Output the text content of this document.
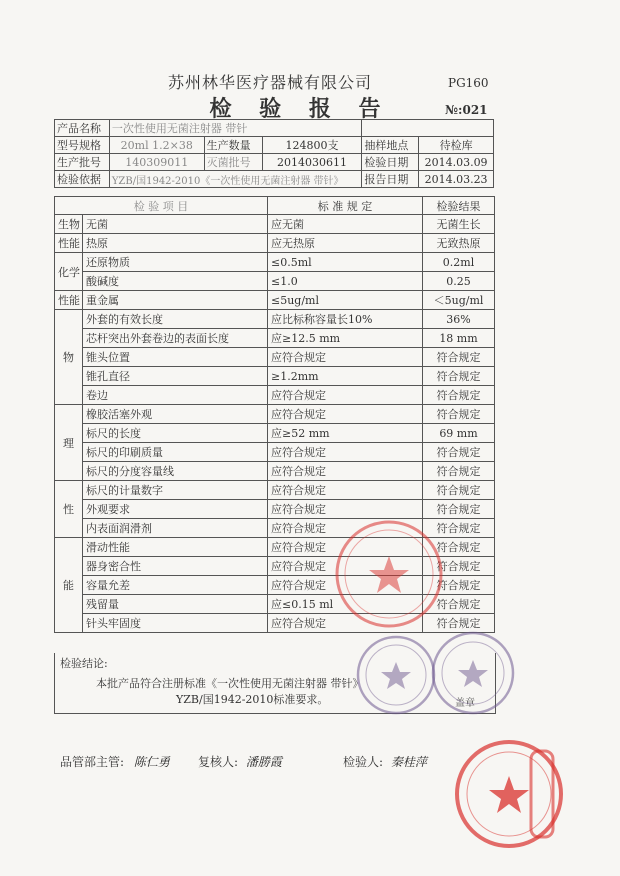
苏州林华医疗器械有限公司	PG160
检 验 报 告	№:021
产品名称	一次性使用无菌注射器 带针				
型号规格	20ml 1.2×38	生产数量	124800支	抽样地点	待检库
生产批号	140309011	灭菌批号	2014030611	检验日期	2014.03.09
检验依据	YZB/国1942-2010《一次性使用无菌注射器 带针》			报告日期	2014.03.23
检 验 项 目		标 准 规 定	检验结果
生物	无菌	应无菌	无菌生长
性能	热原	应无热原	无致热原
化学	还原物质	≤0.5ml	0.2ml
	酸碱度	≤1.0	0.25
性能	重金属	≤5ug/ml	＜5ug/ml
物	外套的有效长度	应比标称容量长10%	36%
	芯杆突出外套卷边的表面长度	应≥12.5 mm	18 mm
	锥头位置	应符合规定	符合规定
	锥孔直径	≥1.2mm	符合规定
	卷边	应符合规定	符合规定
理	橡胶活塞外观	应符合规定	符合规定
	标尺的长度	应≥52 mm	69 mm
	标尺的印刷质量	应符合规定	符合规定
	标尺的分度容量线	应符合规定	符合规定
性	标尺的计量数字	应符合规定	符合规定
	外观要求	应符合规定	符合规定
	内表面润滑剂	应符合规定	符合规定
能	滑动性能	应符合规定	符合规定
	器身密合性	应符合规定	符合规定
	容量允差	应符合规定	符合规定
	残留量	应≤0.15 ml	符合规定
	针头牢固度	应符合规定	符合规定
检验结论:
本批产品符合注册标准《一次性使用无菌注射器 带针》
YZB/国1942-2010标准要求。	盖章
品管部主管: 陈仁勇 复核人: 潘勝霞	检验人: 秦桂萍
